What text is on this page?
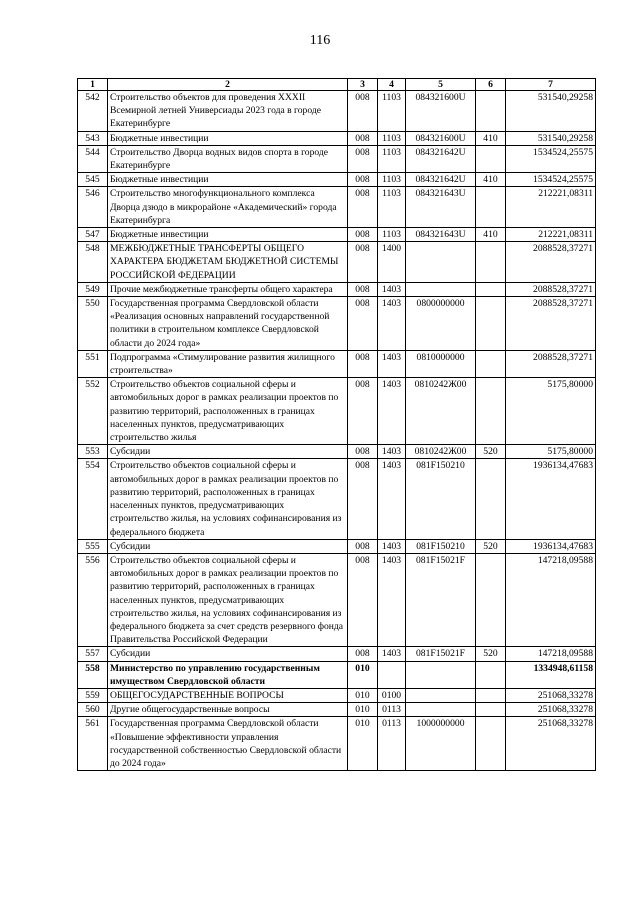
116
1	2	3	4	5	6	7
542	Строительство объектов для проведения XXXII Всемирной летней Универсиады 2023 года в городе Екатеринбурге	008	1103	084321600U		531540,29258
543	Бюджетные инвестиции	008	1103	084321600U	410	531540,29258
544	Строительство Дворца водных видов спорта в городе Екатеринбурге	008	1103	084321642U		1534524,25575
545	Бюджетные инвестиции	008	1103	084321642U	410	1534524,25575
546	Строительство многофункционального комплекса Дворца дзюдо в микрорайоне «Академический» города Екатеринбурга	008	1103	084321643U		212221,08311
547	Бюджетные инвестиции	008	1103	084321643U	410	212221,08311
548	МЕЖБЮДЖЕТНЫЕ ТРАНСФЕРТЫ ОБЩЕГО ХАРАКТЕРА БЮДЖЕТАМ БЮДЖЕТНОЙ СИСТЕМЫ РОССИЙСКОЙ ФЕДЕРАЦИИ	008	1400			2088528,37271
549	Прочие межбюджетные трансферты общего характера	008	1403			2088528,37271
550	Государственная программа Свердловской области «Реализация основных направлений государственной политики в строительном комплексе Свердловской области до 2024 года»	008	1403	0800000000		2088528,37271
551	Подпрограмма «Стимулирование развития жилищного строительства»	008	1403	0810000000		2088528,37271
552	Строительство объектов социальной сферы и автомобильных дорог в рамках реализации проектов по развитию территорий, расположенных в границах населенных пунктов, предусматривающих строительство жилья	008	1403	0810242Ж00		5175,80000
553	Субсидии	008	1403	0810242Ж00	520	5175,80000
554	Строительство объектов социальной сферы и автомобильных дорог в рамках реализации проектов по развитию территорий, расположенных в границах населенных пунктов, предусматривающих строительство жилья, на условиях софинансирования из федерального бюджета	008	1403	081F150210		1936134,47683
555	Субсидии	008	1403	081F150210	520	1936134,47683
556	Строительство объектов социальной сферы и автомобильных дорог в рамках реализации проектов по развитию территорий, расположенных в границах населенных пунктов, предусматривающих строительство жилья, на условиях софинансирования из федерального бюджета за счет средств резервного фонда Правительства Российской Федерации	008	1403	081F15021F		147218,09588
557	Субсидии	008	1403	081F15021F	520	147218,09588
558	Министерство по управлению государственным имуществом Свердловской области	010				1334948,61158
559	ОБЩЕГОСУДАРСТВЕННЫЕ ВОПРОСЫ	010	0100			251068,33278
560	Другие общегосударственные вопросы	010	0113			251068,33278
561	Государственная программа Свердловской области «Повышение эффективности управления государственной собственностью Свердловской области до 2024 года»	010	0113	1000000000		251068,33278
